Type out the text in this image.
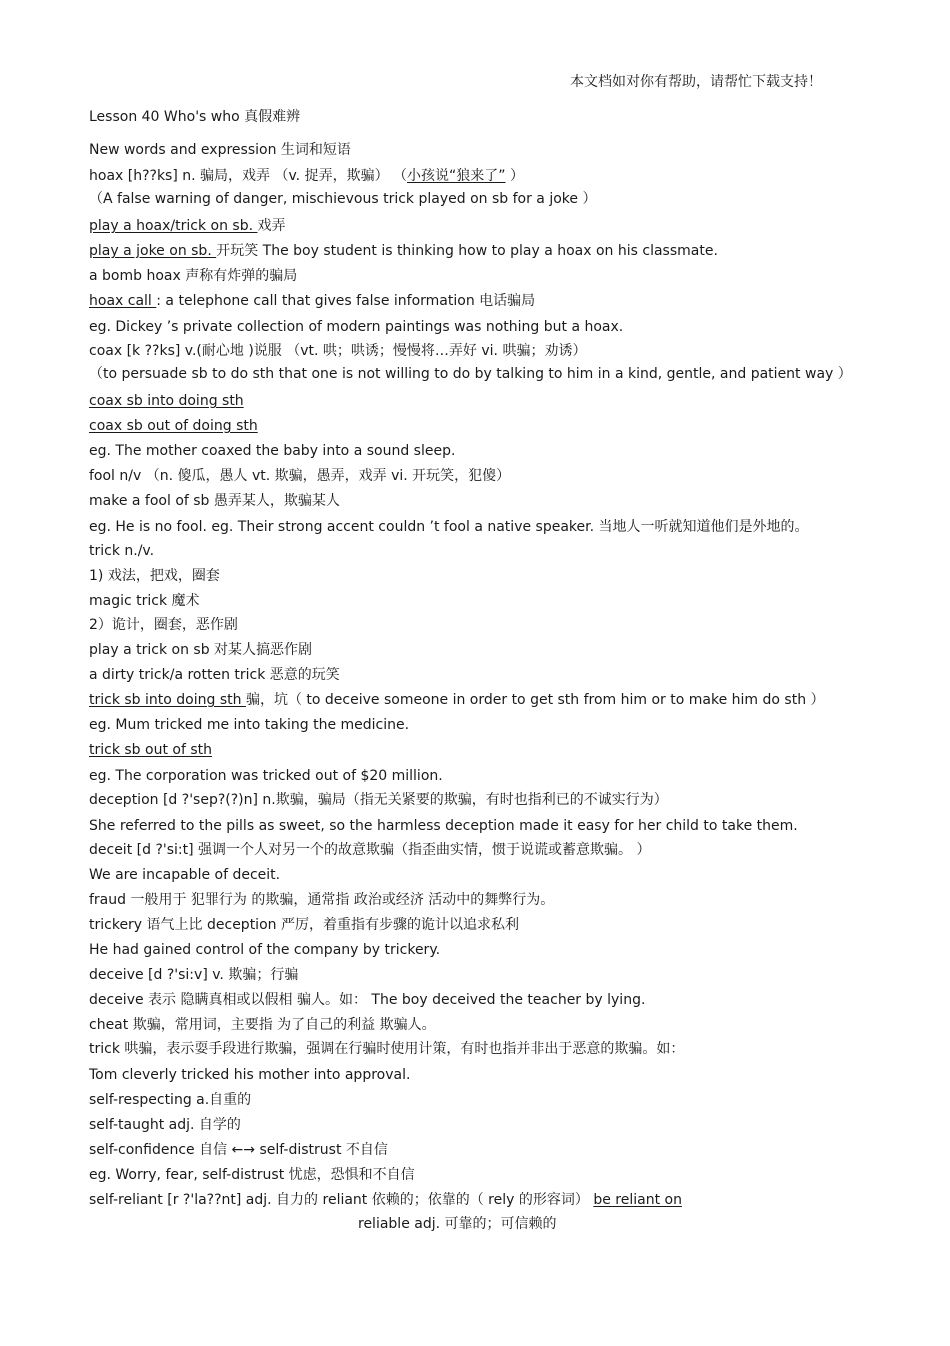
本文档如对你有帮助，请帮忙下载支持！
Lesson 40 Who's who 真假难辨
New words and expression 生词和短语
hoax [h??ks] n. 骗局，戏弄 （v. 捉弄，欺骗） （小孩说“狼来了” ）
（A false warning of danger, mischievous trick played on sb for a joke ）
play a hoax/trick on sb. 戏弄
play a joke on sb. 开玩笑 The boy student is thinking how to play a hoax on his classmate.
a bomb hoax 声称有炸弹的骗局
hoax call : a telephone call that gives false information 电话骗局
eg. Dickey ’s private collection of modern paintings was nothing but a hoax.
coax [k ??ks] v.(耐心地 )说服 （vt. 哄；哄诱；慢慢将…弄好 vi. 哄骗；劝诱）
（to persuade sb to do sth that one is not willing to do by talking to him in a kind, gentle, and patient way ）
coax sb into doing sth
coax sb out of doing sth
eg. The mother coaxed the baby into a sound sleep.
fool n/v （n. 傻瓜，愚人 vt. 欺骗，愚弄，戏弄 vi. 开玩笑，犯傻）
make a fool of sb 愚弄某人，欺骗某人
eg. He is no fool. eg. Their strong accent couldn ’t fool a native speaker. 当地人一听就知道他们是外地的。
trick n./v.
1) 戏法，把戏，圈套
magic trick 魔术
2）诡计，圈套，恶作剧
play a trick on sb 对某人搞恶作剧
a dirty trick/a rotten trick 恶意的玩笑
trick sb into doing sth 骗，坑（ to deceive someone in order to get sth from him or to make him do sth ）
eg. Mum tricked me into taking the medicine.
trick sb out of sth
eg. The corporation was tricked out of $20 million.
deception [d ?'sep?(?)n] n.欺骗，骗局（指无关紧要的欺骗，有时也指利已的不诚实行为）
She referred to the pills as sweet, so the harmless deception made it easy for her child to take them.
deceit [d ?'si:t] 强调一个人对另一个的故意欺骗（指歪曲实情，惯于说谎或蓄意欺骗。 ）
We are incapable of deceit.
fraud 一般用于 犯罪行为 的欺骗，通常指 政治或经济 活动中的舞弊行为。
trickery 语气上比 deception 严厉，着重指有步骤的诡计以追求私利
He had gained control of the company by trickery.
deceive [d ?'si:v] v. 欺骗；行骗
deceive 表示 隐瞒真相或以假相 骗人。如： The boy deceived the teacher by lying.
cheat 欺骗，常用词，主要指 为了自己的利益 欺骗人。
trick 哄骗，表示耍手段进行欺骗，强调在行骗时使用计策，有时也指并非出于恶意的欺骗。如：
Tom cleverly tricked his mother into approval.
self-respecting a.自重的
self-taught adj. 自学的
self-confidence 自信 ←→ self-distrust 不自信
eg. Worry, fear, self-distrust 忧虑，恐惧和不自信
self-reliant [r ?'la??nt] adj. 自力的 reliant 依赖的；依靠的（ rely 的形容词） be reliant on
reliable adj. 可靠的；可信赖的
